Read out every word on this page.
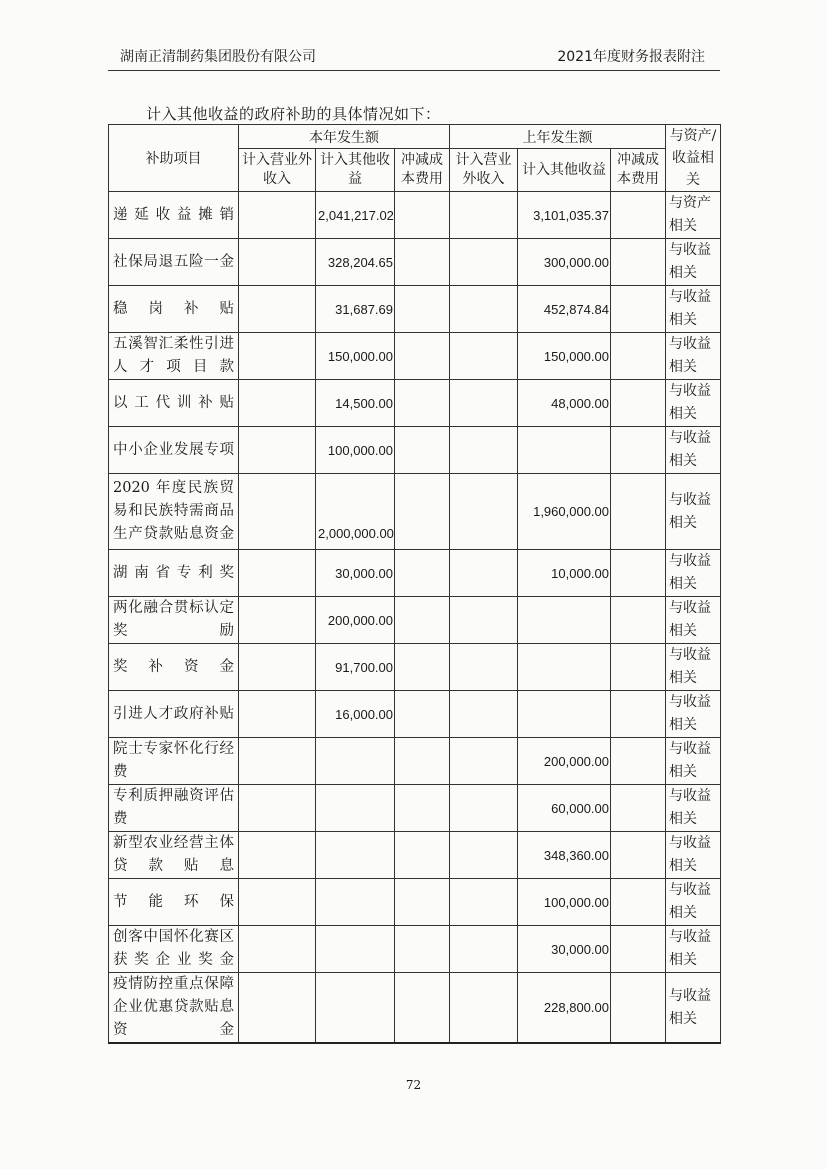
湖南正清制药集团股份有限公司	2021年度财务报表附注
计入其他收益的政府补助的具体情况如下：
补助项目	本年发生额			上年发生额			与资产/收益相关
	计入营业外收入	计入其他收益	冲减成本费用	计入营业外收入	计入其他收益	冲减成本费用	
递延收益摊销		2,041,217.02			3,101,035.37		与资产相关
社保局退五险一金		328,204.65			300,000.00		与收益相关
稳岗补贴		31,687.69			452,874.84		与收益相关
五溪智汇柔性引进人才项目款		150,000.00			150,000.00		与收益相关
以工代训补贴		14,500.00			48,000.00		与收益相关
中小企业发展专项		100,000.00					与收益相关
2020 年度民族贸易和民族特需商品生产贷款贴息资金		2,000,000.00			1,960,000.00		与收益相关
湖南省专利奖		30,000.00			10,000.00		与收益相关
两化融合贯标认定奖励		200,000.00					与收益相关
奖补资金		91,700.00					与收益相关
引进人才政府补贴		16,000.00					与收益相关
院士专家怀化行经费					200,000.00		与收益相关
专利质押融资评估费					60,000.00		与收益相关
新型农业经营主体贷款贴息					348,360.00		与收益相关
节能环保					100,000.00		与收益相关
创客中国怀化赛区获奖企业奖金					30,000.00		与收益相关
疫情防控重点保障企业优惠贷款贴息资金					228,800.00		与收益相关
72
